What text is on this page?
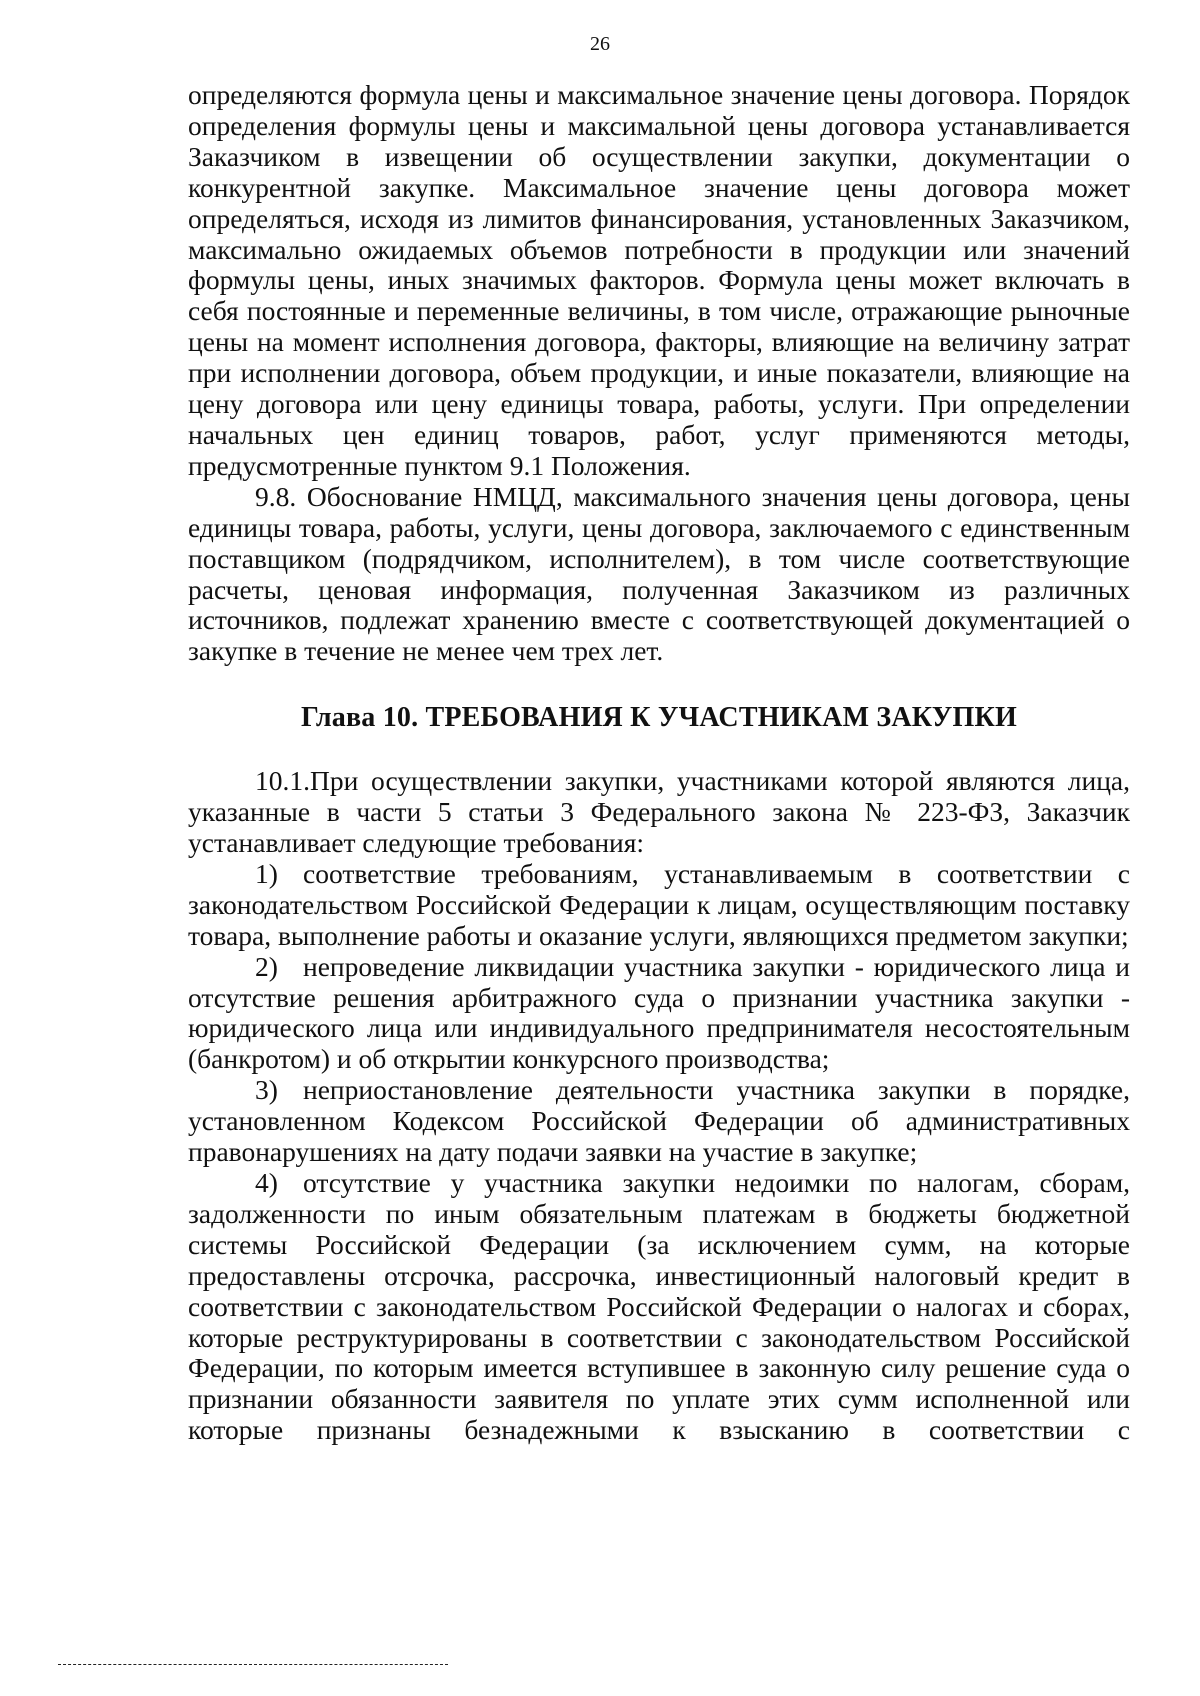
26

определяются формула цены и максимальное значение цены договора. Порядок определения формулы цены и максимальной цены договора устанавливается Заказчиком в извещении об осуществлении закупки, документации о конкурентной закупке. Максимальное значение цены договора может определяться, исходя из лимитов финансирования, установленных Заказчиком, максимально ожидаемых объемов потребности в продукции или значений формулы цены, иных значимых факторов. Формула цены может включать в себя постоянные и переменные величины, в том числе, отражающие рыночные цены на момент исполнения договора, факторы, влияющие на величину затрат при исполнении договора, объем продукции, и иные показатели, влияющие на цену договора или цену единицы товара, работы, услуги. При определении начальных цен единиц товаров, работ, услуг применяются методы, предусмотренные пунктом 9.1 Положения.

9.8. Обоснование НМЦД, максимального значения цены договора, цены единицы товара, работы, услуги, цены договора, заключаемого с единственным поставщиком (подрядчиком, исполнителем), в том числе соответствующие расчеты, ценовая информация, полученная Заказчиком из различных источников, подлежат хранению вместе с соответствующей документацией о закупке в течение не менее чем трех лет.

Глава 10. ТРЕБОВАНИЯ К УЧАСТНИКАМ ЗАКУПКИ

10.1.При осуществлении закупки, участниками которой являются лица, указанные в части 5 статьи 3 Федерального закона № 223-ФЗ, Заказчик устанавливает следующие требования:

1) соответствие требованиям, устанавливаемым в соответствии с законодательством Российской Федерации к лицам, осуществляющим поставку товара, выполнение работы и оказание услуги, являющихся предметом закупки;

2) непроведение ликвидации участника закупки - юридического лица и отсутствие решения арбитражного суда о признании участника закупки - юридического лица или индивидуального предпринимателя несостоятельным (банкротом) и об открытии конкурсного производства;

3) неприостановление деятельности участника закупки в порядке, установленном Кодексом Российской Федерации об административных правонарушениях на дату подачи заявки на участие в закупке;

4) отсутствие у участника закупки недоимки по налогам, сборам, задолженности по иным обязательным платежам в бюджеты бюджетной системы Российской Федерации (за исключением сумм, на которые предоставлены отсрочка, рассрочка, инвестиционный налоговый кредит в соответствии с законодательством Российской Федерации о налогах и сборах, которые реструктурированы в соответствии с законодательством Российской Федерации, по которым имеется вступившее в законную силу решение суда о признании обязанности заявителя по уплате этих сумм исполненной или которые признаны безнадежными к взысканию в соответствии с
